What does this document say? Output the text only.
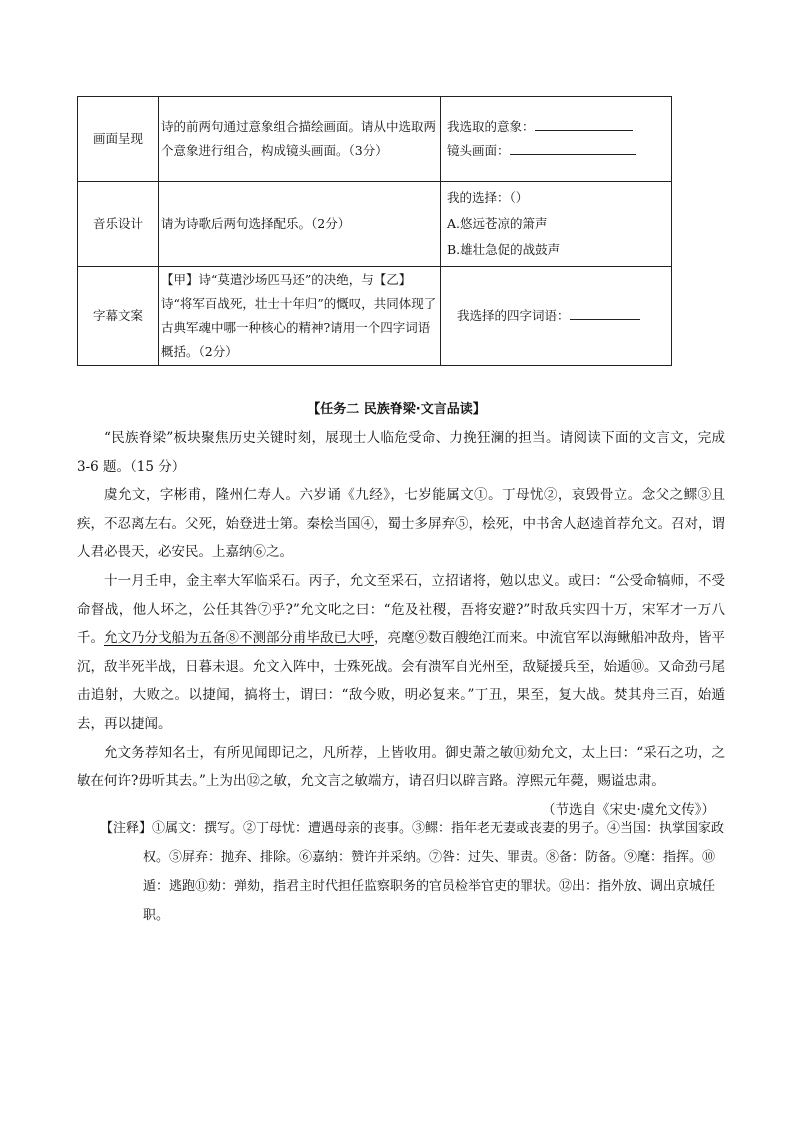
画面呈现	诗的前两句通过意象组合描绘画面。请从中选取两个意象进行组合，构成镜头画面。（3分）	我选取的意象：
镜头画面：

音乐设计	请为诗歌后两句选择配乐。（2分）	我的选择：（）
A.悠远苍凉的箫声
B.雄壮急促的战鼓声

字幕文案	【甲】诗“莫遣沙场匹马还”的决绝，与【乙】诗“将军百战死，壮士十年归”的慨叹，共同体现了古典军魂中哪一种核心的精神?请用一个四字词语概括。（2分）	我选择的四字词语：
【任务二 民族脊梁·文言品读】

“民族脊梁”板块聚焦历史关键时刻，展现士人临危受命、力挽狂澜的担当。请阅读下面的文言文，完成 3-6 题。（15 分）

虞允文，字彬甫，隆州仁寿人。六岁诵《九经》，七岁能属文①。丁母忧②，哀毁骨立。念父之鳏③且疾，不忍离左右。父死，始登进士第。秦桧当国④，蜀士多屏弃⑤，桧死，中书舍人赵逵首荐允文。召对，谓人君必畏天，必安民。上嘉纳⑥之。

十一月壬申，金主率大军临采石。丙子，允文至采石，立招诸将，勉以忠义。或曰：“公受命犒师，不受命督战，他人坏之，公任其咎⑦乎?”允文叱之曰：“危及社稷，吾将安避?”时敌兵实四十万，宋军才一万八千。允文乃分戈船为五备⑧不测部分甫毕敌已大呼，亮麾⑨数百艘绝江而来。中流官军以海鳅船冲敌舟，皆平沉，敌半死半战，日暮未退。允文入阵中，士殊死战。会有溃军自光州至，敌疑援兵至，始遁⑩。又命劲弓尾击追射，大败之。以捷闻，搞将士，谓曰：“敌今败，明必复来。”丁丑，果至，复大战。焚其舟三百，始遁去，再以捷闻。

允文务荐知名士，有所见闻即记之，凡所荐，上皆收用。御史萧之敏⑪劾允文，太上曰：“采石之功，之敏在何许?毋听其去。”上为出⑫之敏，允文言之敏端方，请召归以辟言路。淳熙元年薨，赐谥忠肃。

（节选自《宋史·虞允文传》）

【注释】①属文：撰写。②丁母忧：遭遇母亲的丧事。③鳏：指年老无妻或丧妻的男子。④当国：执掌国家政权。⑤屏弃：抛弃、排除。⑥嘉纳：赞许并采纳。⑦咎：过失、罪责。⑧备：防备。⑨麾：指挥。⑩遁：逃跑⑪劾：弹劾，指君主时代担任监察职务的官员检举官吏的罪状。⑫出：指外放、调出京城任职。
